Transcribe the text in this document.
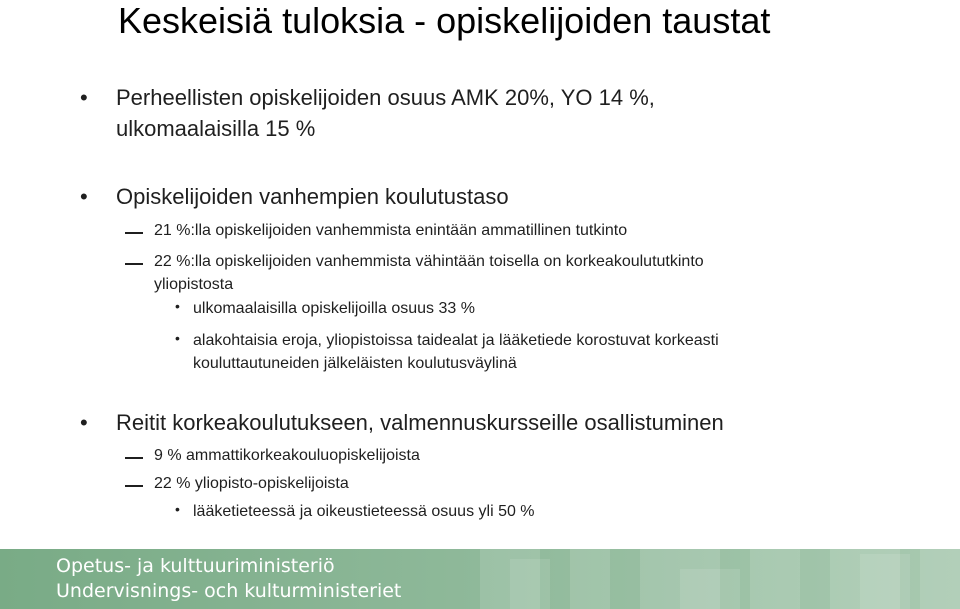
Keskeisiä tuloksia - opiskelijoiden taustat
• Perheellisten opiskelijoiden osuus AMK 20%, YO 14 %,

ulkomaalaisilla 15 %

• Opiskelijoiden vanhempien koulutustaso

21 %:lla opiskelijoiden vanhemmista enintään ammatillinen tutkinto

22 %:lla opiskelijoiden vanhemmista vähintään toisella on korkeakoulututkinto

yliopistosta

• ulkomaalaisilla opiskelijoilla osuus 33 %

• alakohtaisia eroja, yliopistoissa taidealat ja lääketiede korostuvat korkeasti

kouluttautuneiden jälkeläisten koulutusväylinä

• Reitit korkeakoulutukseen, valmennuskursseille osallistuminen

9 % ammattikorkeakouluopiskelijoista

22 % yliopisto-opiskelijoista

• lääketieteessä ja oikeustieteessä osuus yli 50 %

Opetus- ja kulttuuriministeriö

Undervisnings- och kulturministeriet
